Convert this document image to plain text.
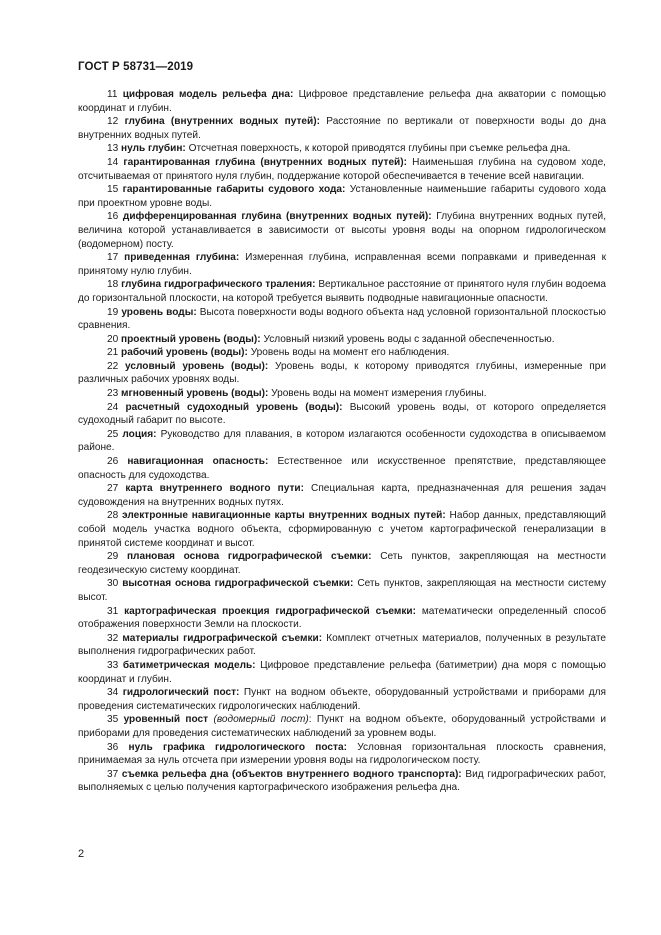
ГОСТ Р 58731—2019

11 цифровая модель рельефа дна: Цифровое представление рельефа дна акватории с помощью координат и глубин.

12 глубина (внутренних водных путей): Расстояние по вертикали от поверхности воды до дна внутренних водных путей.

13 нуль глубин: Отсчетная поверхность, к которой приводятся глубины при съемке рельефа дна.

14 гарантированная глубина (внутренних водных путей): Наименьшая глубина на судовом ходе, отсчитываемая от принятого нуля глубин, поддержание которой обеспечивается в течение всей навигации.

15 гарантированные габариты судового хода: Установленные наименьшие габариты судового хода при проектном уровне воды.

16 дифференцированная глубина (внутренних водных путей): Глубина внутренних водных путей, величина которой устанавливается в зависимости от высоты уровня воды на опорном гидрологическом (водомерном) посту.

17 приведенная глубина: Измеренная глубина, исправленная всеми поправками и приведенная к принятому нулю глубин.

18 глубина гидрографического траления: Вертикальное расстояние от принятого нуля глубин водоема до горизонтальной плоскости, на которой требуется выявить подводные навигационные опасности.

19 уровень воды: Высота поверхности воды водного объекта над условной горизонтальной плоскостью сравнения.

20 проектный уровень (воды): Условный низкий уровень воды с заданной обеспеченностью.

21 рабочий уровень (воды): Уровень воды на момент его наблюдения.

22 условный уровень (воды): Уровень воды, к которому приводятся глубины, измеренные при различных рабочих уровнях воды.

23 мгновенный уровень (воды): Уровень воды на момент измерения глубины.

24 расчетный судоходный уровень (воды): Высокий уровень воды, от которого определяется судоходный габарит по высоте.

25 лоция: Руководство для плавания, в котором излагаются особенности судоходства в описываемом районе.

26 навигационная опасность: Естественное или искусственное препятствие, представляющее опасность для судоходства.

27 карта внутреннего водного пути: Специальная карта, предназначенная для решения задач судовождения на внутренних водных путях.

28 электронные навигационные карты внутренних водных путей: Набор данных, представляющий собой модель участка водного объекта, сформированную с учетом картографической генерализации в принятой системе координат и высот.

29 плановая основа гидрографической съемки: Сеть пунктов, закрепляющая на местности геодезическую систему координат.

30 высотная основа гидрографической съемки: Сеть пунктов, закрепляющая на местности систему высот.

31 картографическая проекция гидрографической съемки: математически определенный способ отображения поверхности Земли на плоскости.

32 материалы гидрографической съемки: Комплект отчетных материалов, полученных в результате выполнения гидрографических работ.

33 батиметрическая модель: Цифровое представление рельефа (батиметрии) дна моря с помощью координат и глубин.

34 гидрологический пост: Пункт на водном объекте, оборудованный устройствами и приборами для проведения систематических гидрологических наблюдений.

35 уровенный пост (водомерный пост): Пункт на водном объекте, оборудованный устройствами и приборами для проведения систематических наблюдений за уровнем воды.

36 нуль графика гидрологического поста: Условная горизонтальная плоскость сравнения, принимаемая за нуль отсчета при измерении уровня воды на гидрологическом посту.

37 съемка рельефа дна (объектов внутреннего водного транспорта): Вид гидрографических работ, выполняемых с целью получения картографического изображения рельефа дна.

2
